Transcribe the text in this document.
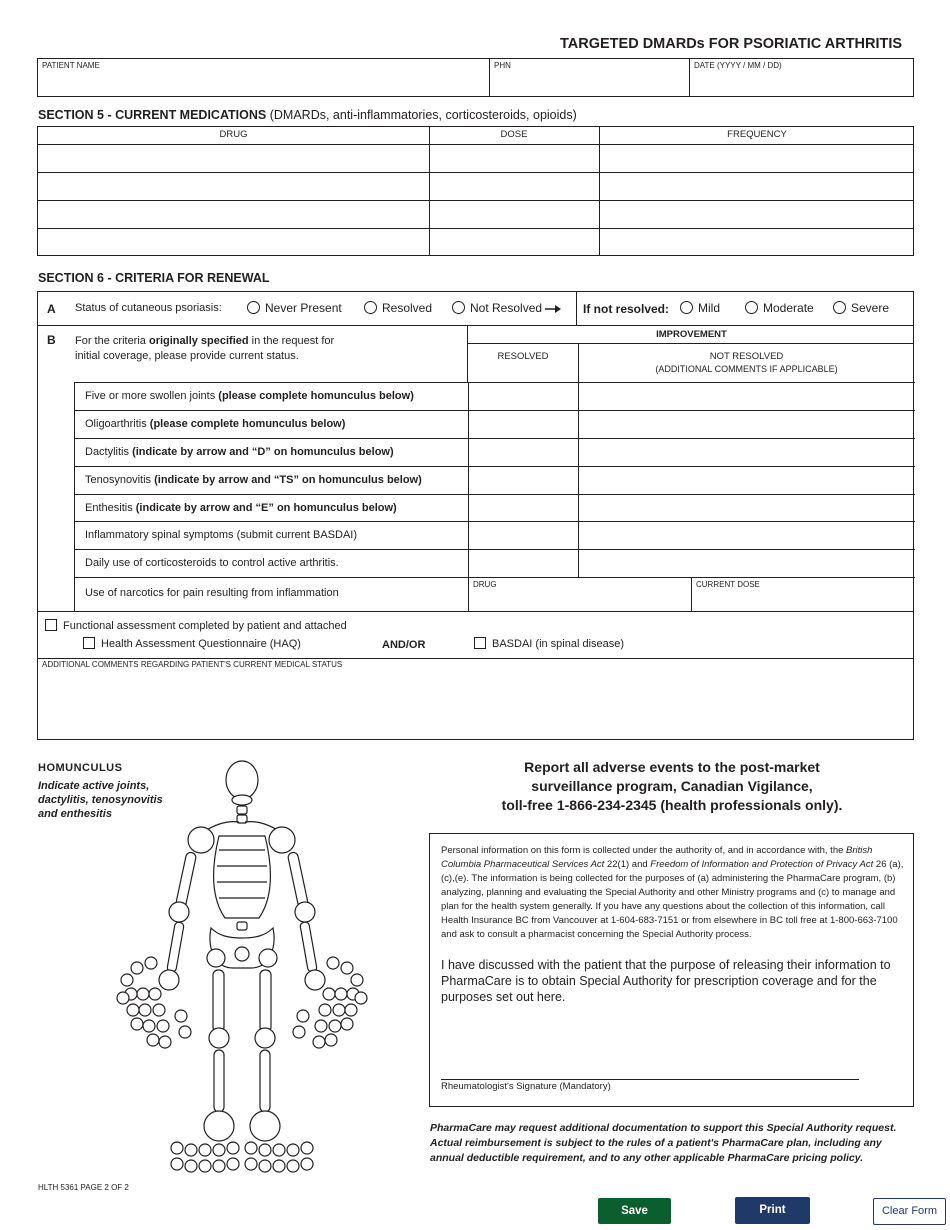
TARGETED DMARDs FOR PSORIATIC ARTHRITIS
PATIENT NAME	PHN	DATE (YYYY / MM / DD)
SECTION 5 - CURRENT MEDICATIONS (DMARDs, anti-inflammatories, corticosteroids, opioids)
DRUG	DOSE	FREQUENCY
SECTION 6 - CRITERIA FOR RENEWAL
A Status of cutaneous psoriasis:	Never Present	Resolved	Not Resolved	If not resolved:	Mild	Moderate	Severe
B For the criteria originally specified in the request for
initial coverage, please provide current status.
IMPROVEMENT
RESOLVED	NOT RESOLVED
(ADDITIONAL COMMENTS IF APPLICABLE)
Five or more swollen joints (please complete homunculus below)
Oligoarthritis (please complete homunculus below)
Dactylitis (indicate by arrow and “D” on homunculus below)
Tenosynovitis (indicate by arrow and “TS” on homunculus below)
Enthesitis (indicate by arrow and “E” on homunculus below)
Inflammatory spinal symptoms (submit current BASDAI)
Daily use of corticosteroids to control active arthritis.
Use of narcotics for pain resulting from inflammation
DRUG	CURRENT DOSE
Functional assessment completed by patient and attached
Health Assessment Questionnaire (HAQ)	AND/OR	BASDAI (in spinal disease)
ADDITIONAL COMMENTS REGARDING PATIENT'S CURRENT MEDICAL STATUS
HOMUNCULUS
Indicate active joints,
dactylitis, tenosynovitis
and enthesitis
Report all adverse events to the post-market
surveillance program, Canadian Vigilance,
toll-free 1-866-234-2345 (health professionals only).
Personal information on this form is collected under the authority of, and in accordance with, the British Columbia Pharmaceutical Services Act 22(1) and Freedom of Information and Protection of Privacy Act 26 (a),(c),(e). The information is being collected for the purposes of (a) administering the PharmaCare program, (b) analyzing, planning and evaluating the Special Authority and other Ministry programs and (c) to manage and plan for the health system generally. If you have any questions about the collection of this information, call Health Insurance BC from Vancouver at 1-604-683-7151 or from elsewhere in BC toll free at 1-800-663-7100 and ask to consult a pharmacist concerning the Special Authority process.
I have discussed with the patient that the purpose of releasing their information to PharmaCare is to obtain Special Authority for prescription coverage and for the purposes set out here.
Rheumatologist's Signature (Mandatory)
PharmaCare may request additional documentation to support this Special Authority request. Actual reimbursement is subject to the rules of a patient's PharmaCare plan, including any annual deductible requirement, and to any other applicable PharmaCare pricing policy.
HLTH 5361 PAGE 2 OF 2
Save	Print	Clear Form
